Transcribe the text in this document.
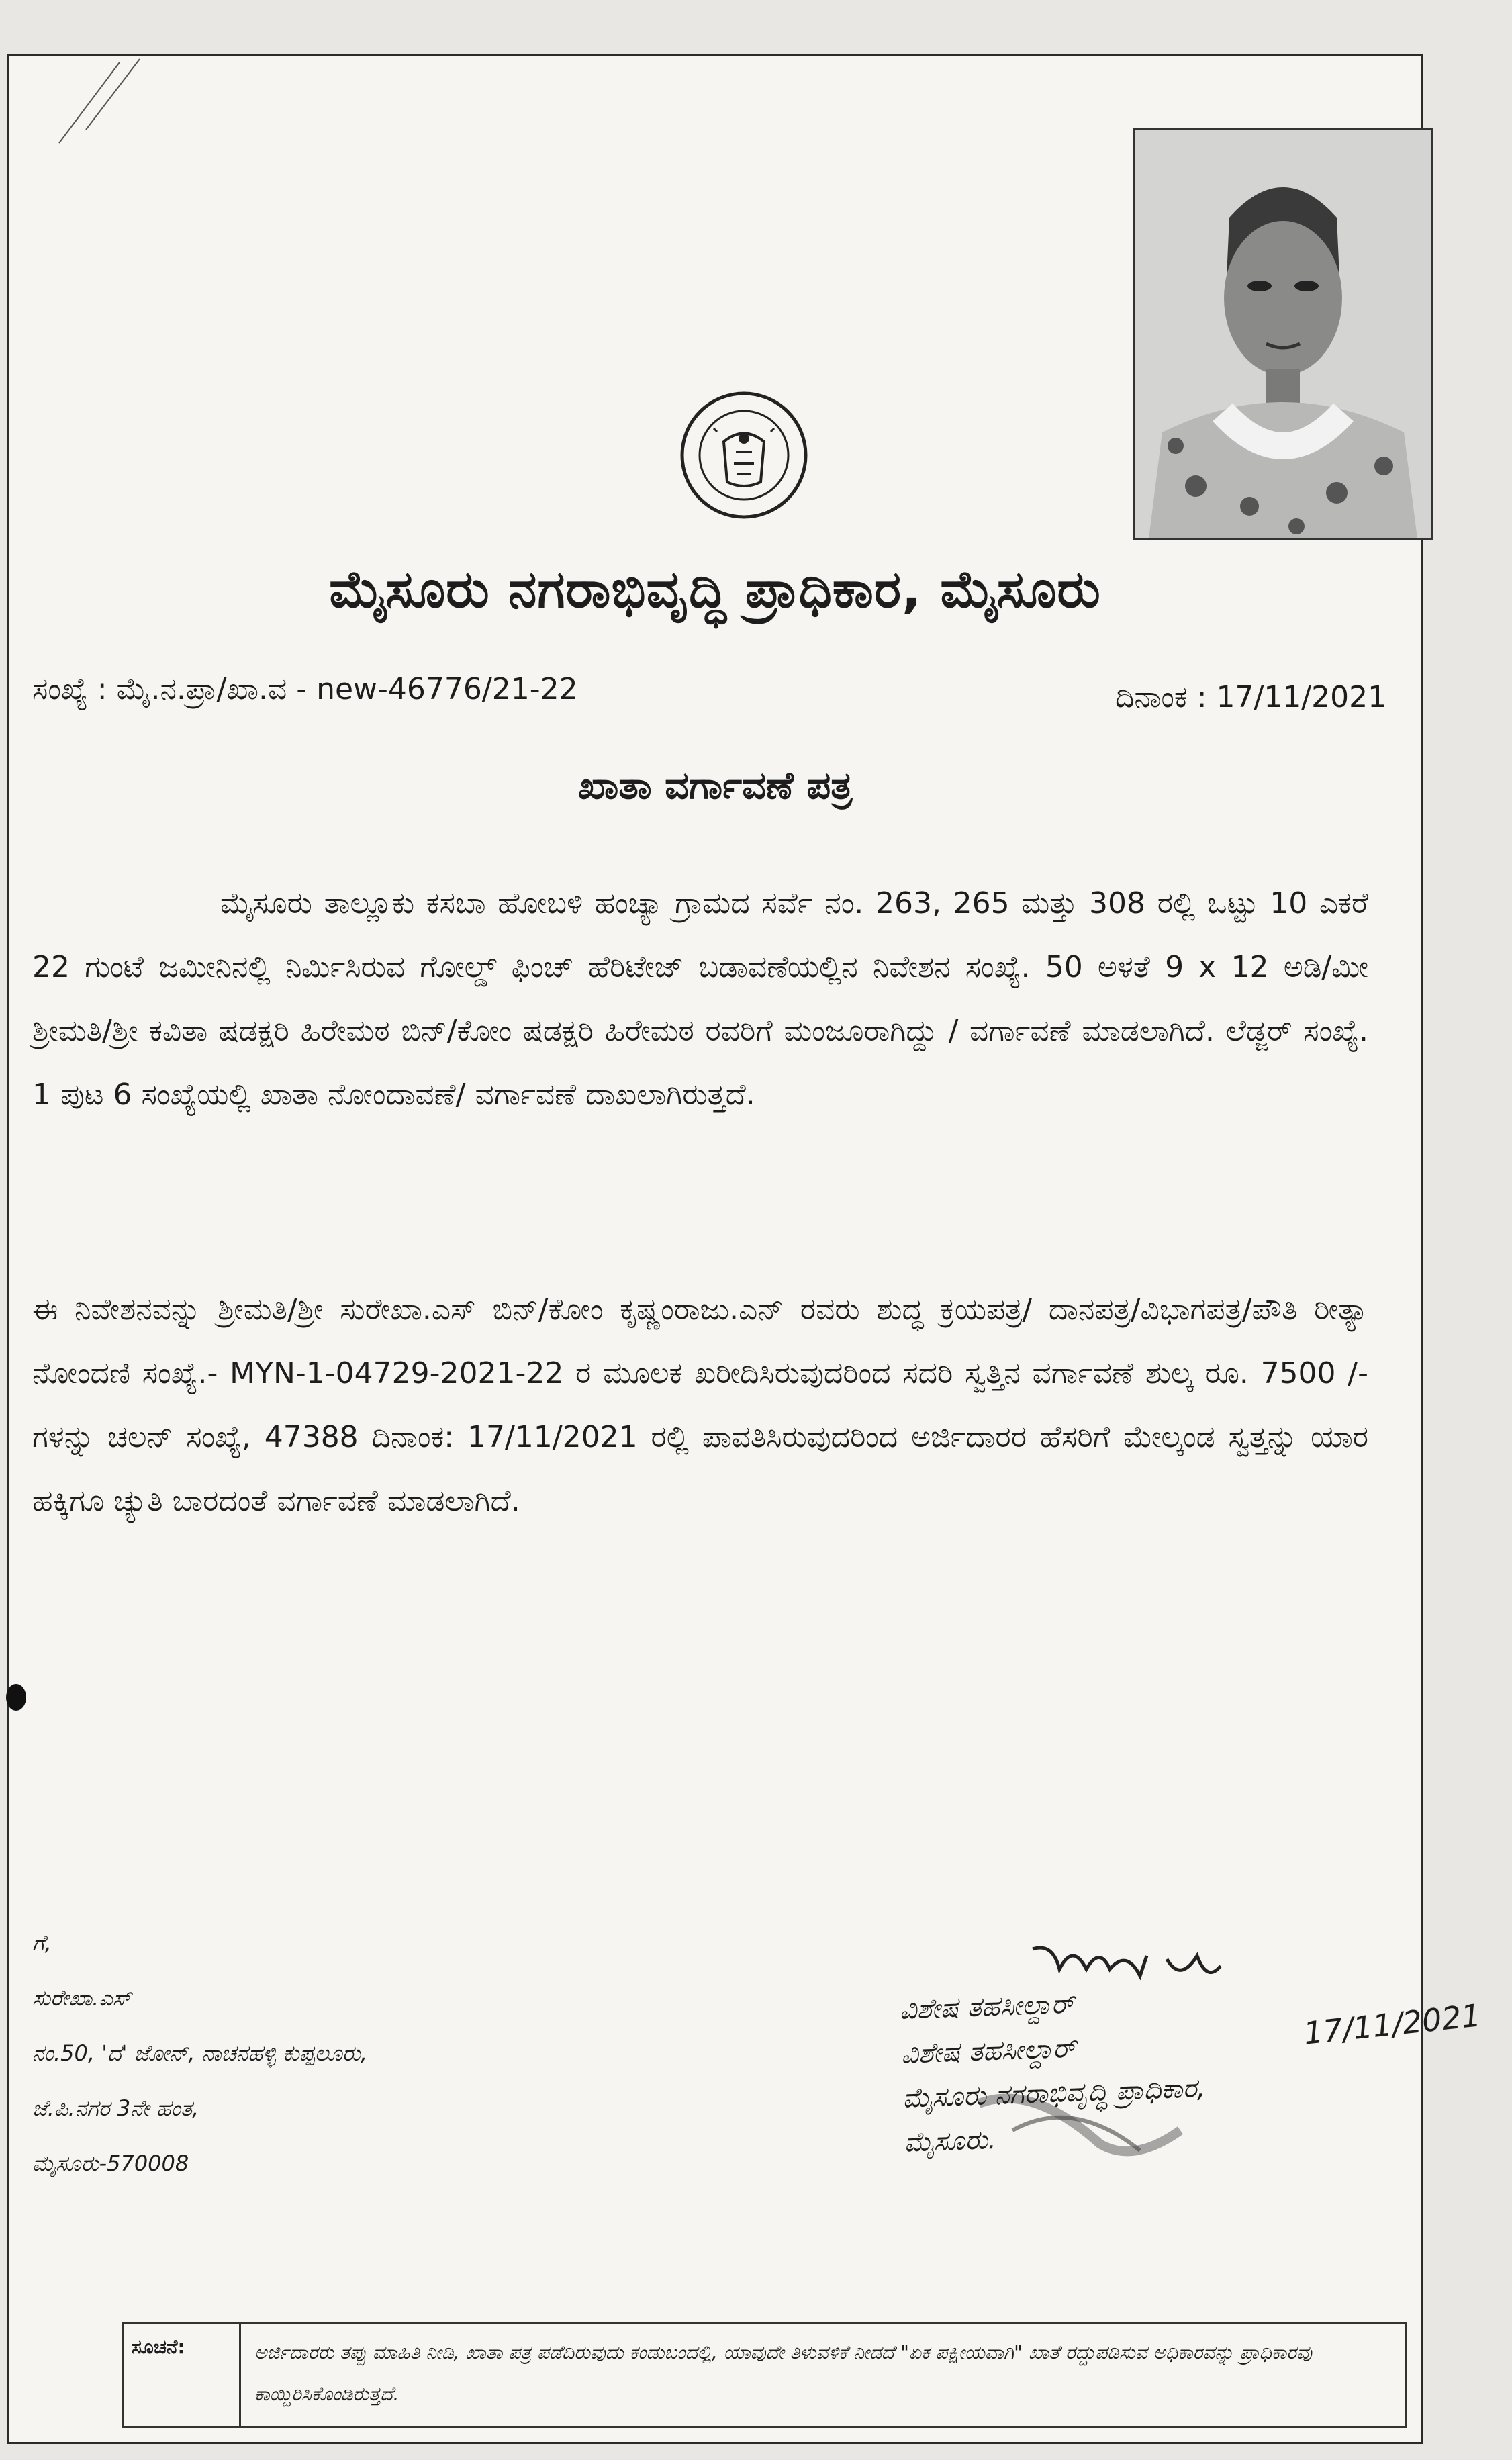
ಮೈಸೂರು ನಗರಾಭಿವೃದ್ಧಿ ಪ್ರಾಧಿಕಾರ, ಮೈಸೂರು
ಸಂಖ್ಯೆ : ಮೈ.ನ.ಪ್ರಾ/ಖಾ.ವ - new-46776/21-22	ದಿನಾಂಕ : 17/11/2021
ಖಾತಾ ವರ್ಗಾವಣೆ ಪತ್ರ
ಮೈಸೂರು ತಾಲ್ಲೂಕು ಕಸಬಾ ಹೋಬಳಿ ಹಂಚ್ಯಾ ಗ್ರಾಮದ ಸರ್ವೆ ನಂ. 263, 265 ಮತ್ತು 308 ರಲ್ಲಿ ಒಟ್ಟು 10 ಎಕರೆ 22 ಗುಂಟೆ ಜಮೀನಿನಲ್ಲಿ ನಿರ್ಮಿಸಿರುವ ಗೋಲ್ಡ್ ಫಿಂಚ್ ಹೆರಿಟೇಜ್ ಬಡಾವಣೆಯಲ್ಲಿನ ನಿವೇಶನ ಸಂಖ್ಯೆ. 50 ಅಳತೆ 9 x 12 ಅಡಿ/ಮೀ ಶ್ರೀಮತಿ/ಶ್ರೀ ಕವಿತಾ ಷಡಕ್ಷರಿ ಹಿರೇಮಠ ಬಿನ್/ಕೋಂ ಷಡಕ್ಷರಿ ಹಿರೇಮಠ ರವರಿಗೆ ಮಂಜೂರಾಗಿದ್ದು / ವರ್ಗಾವಣೆ ಮಾಡಲಾಗಿದೆ. ಲೆಡ್ಜರ್ ಸಂಖ್ಯೆ. 1 ಪುಟ 6 ಸಂಖ್ಯೆಯಲ್ಲಿ ಖಾತಾ ನೋಂದಾವಣೆ/ ವರ್ಗಾವಣೆ ದಾಖಲಾಗಿರುತ್ತದೆ.
ಈ ನಿವೇಶನವನ್ನು ಶ್ರೀಮತಿ/ಶ್ರೀ ಸುರೇಖಾ.ಎಸ್ ಬಿನ್/ಕೋಂ ಕೃಷ್ಣಂರಾಜು.ಎನ್ ರವರು ಶುದ್ಧ ಕ್ರಯಪತ್ರ/ ದಾನಪತ್ರ/ವಿಭಾಗಪತ್ರ/ಪೌತಿ ರೀತ್ಯಾ ನೋಂದಣಿ ಸಂಖ್ಯೆ.- MYN-1-04729-2021-22 ರ ಮೂಲಕ ಖರೀದಿಸಿರುವುದರಿಂದ ಸದರಿ ಸ್ವತ್ತಿನ ವರ್ಗಾವಣೆ ಶುಲ್ಕ ರೂ. 7500 /- ಗಳನ್ನು ಚಲನ್ ಸಂಖ್ಯೆ, 47388 ದಿನಾಂಕ: 17/11/2021 ರಲ್ಲಿ ಪಾವತಿಸಿರುವುದರಿಂದ ಅರ್ಜಿದಾರರ ಹೆಸರಿಗೆ ಮೇಲ್ಕಂಡ ಸ್ವತ್ತನ್ನು ಯಾರ ಹಕ್ಕಿಗೂ ಚ್ಯುತಿ ಬಾರದಂತೆ ವರ್ಗಾವಣೆ ಮಾಡಲಾಗಿದೆ.
ಗೆ,
ಸುರೇಖಾ.ಎಸ್
ನಂ.50, 'ದ' ಜೋನ್, ನಾಚನಹಳ್ಳಿ ಕುಪ್ಪಲೂರು,
ಜೆ.ಪಿ.ನಗರ 3ನೇ ಹಂತ,
ಮೈಸೂರು-570008
ವಿಶೇಷ ತಹಸೀಲ್ದಾರ್
ವಿಶೇಷ ತಹಸೀಲ್ದಾರ್
ಮೈಸೂರು ನಗರಾಭಿವೃದ್ಧಿ ಪ್ರಾಧಿಕಾರ,
ಮೈಸೂರು.
17/11/2021
ಸೂಚನೆ:	ಅರ್ಜಿದಾರರು ತಪ್ಪು ಮಾಹಿತಿ ನೀಡಿ, ಖಾತಾ ಪತ್ರ ಪಡೆದಿರುವುದು ಕಂಡುಬಂದಲ್ಲಿ, ಯಾವುದೇ ತಿಳುವಳಿಕೆ ನೀಡದೆ "ಏಕ ಪಕ್ಷೀಯವಾಗಿ" ಖಾತೆ ರದ್ದುಪಡಿಸುವ ಅಧಿಕಾರವನ್ನು ಪ್ರಾಧಿಕಾರವು ಕಾಯ್ದಿರಿಸಿಕೊಂಡಿರುತ್ತದೆ.
